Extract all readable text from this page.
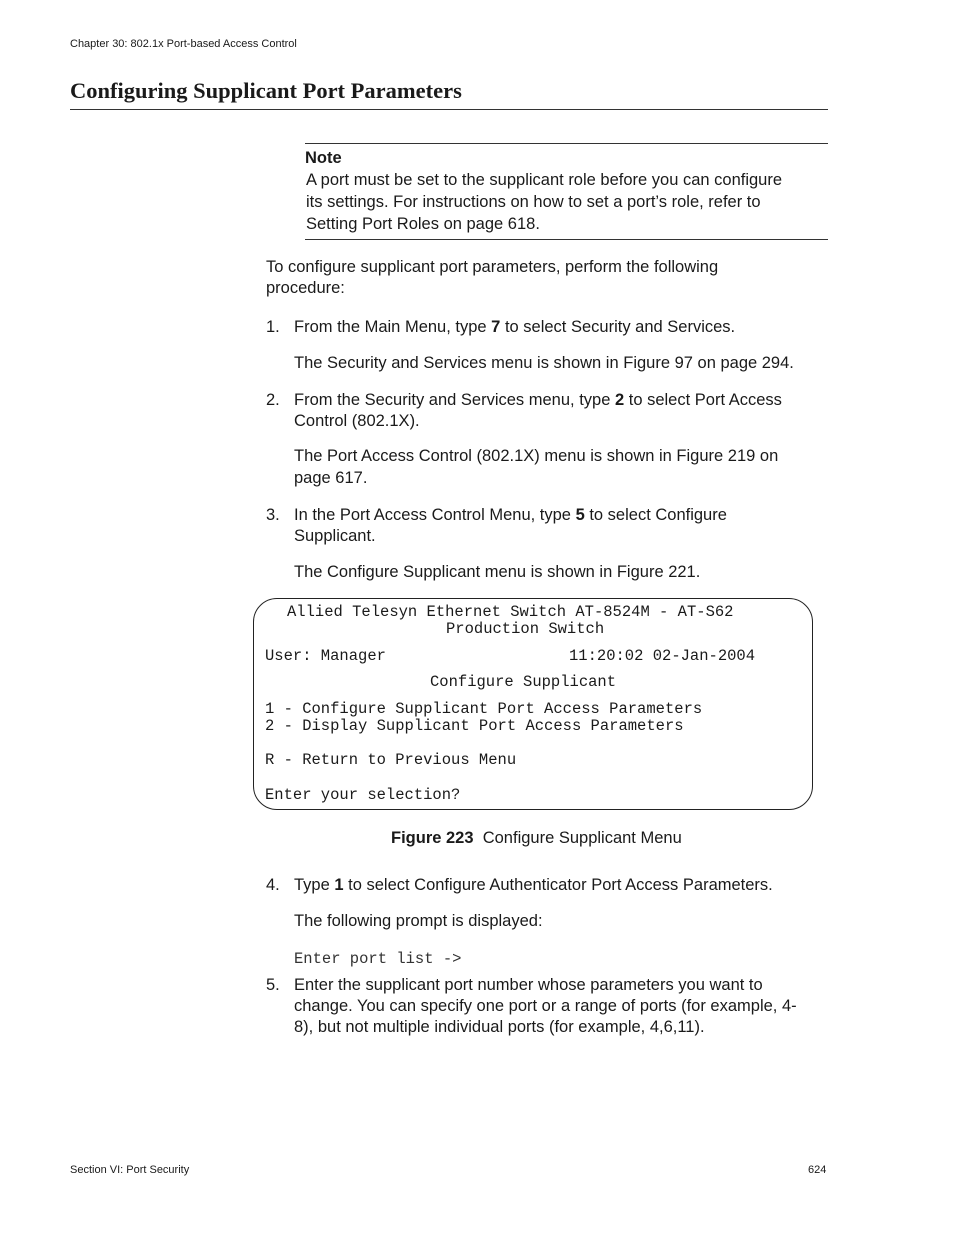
Chapter 30: 802.1x Port-based Access Control
Configuring Supplicant Port Parameters
Note
A port must be set to the supplicant role before you can configure
its settings. For instructions on how to set a port’s role, refer to
Setting Port Roles on page 618.
To configure supplicant port parameters, perform the following
procedure:
1. From the Main Menu, type 7 to select Security and Services.
The Security and Services menu is shown in Figure 97 on page 294.
2. From the Security and Services menu, type 2 to select Port Access
Control (802.1X).
The Port Access Control (802.1X) menu is shown in Figure 219 on
page 617.
3. In the Port Access Control Menu, type 5 to select Configure
Supplicant.
The Configure Supplicant menu is shown in Figure 221.
Allied Telesyn Ethernet Switch AT-8524M - AT-S62
Production Switch
User: Manager	11:20:02 02-Jan-2004
Configure Supplicant
1 - Configure Supplicant Port Access Parameters
2 - Display Supplicant Port Access Parameters
R - Return to Previous Menu
Enter your selection?
Figure 223  Configure Supplicant Menu
4. Type 1 to select Configure Authenticator Port Access Parameters.
The following prompt is displayed:
Enter port list ->
5. Enter the supplicant port number whose parameters you want to
change. You can specify one port or a range of ports (for example, 4-
8), but not multiple individual ports (for example, 4,6,11).
Section VI: Port Security	624
